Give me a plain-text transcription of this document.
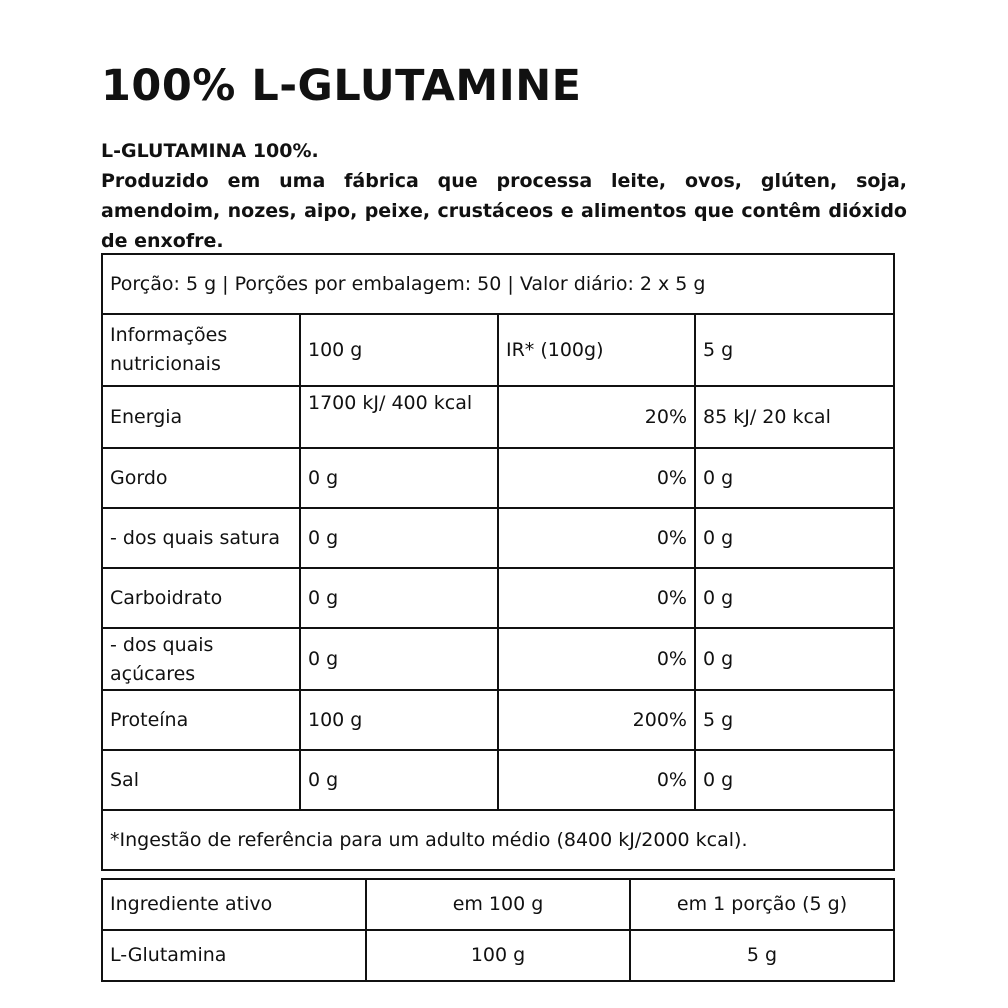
100% L-GLUTAMINE
L-GLUTAMINA 100%.
Produzido em uma fábrica que processa leite, ovos, glúten, soja, amendoim, nozes, aipo, peixe, crustáceos e alimentos que contêm dióxido de enxofre.
Porção: 5 g | Porções por embalagem: 50 | Valor diário: 2 x 5 g			
Informações nutricionais	100 g	IR* (100g)	5 g
Energia	1700 kJ/ 400 kcal	20%	85 kJ/ 20 kcal
Gordo	0 g	0%	0 g
- dos quais satura	0 g	0%	0 g
Carboidrato	0 g	0%	0 g

- dos quais açúcares	0 g	0%	0 g
Proteína	100 g	200%	5 g
Sal	0 g	0%	0 g
*Ingestão de referência para um adulto médio (8400 kJ/2000 kcal).			
Ingrediente ativo	em 100 g	em 1 porção (5 g)
L-Glutamina	100 g	5 g
